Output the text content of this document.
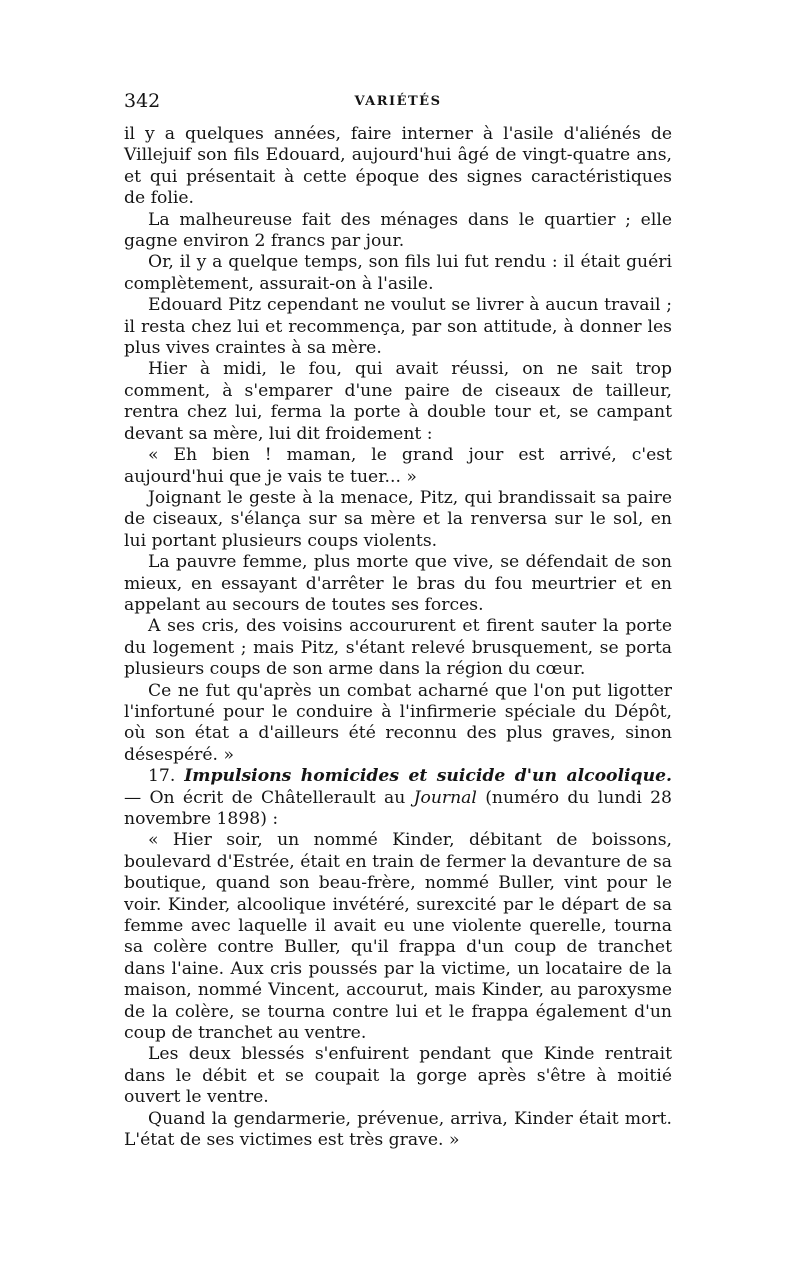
342	VARIÉTÉS

il y a quelques années, faire interner à l'asile d'aliénés de Villejuif son fils Edouard, aujourd'hui âgé de vingt-quatre ans, et qui présentait à cette époque des signes caractéristiques de folie.

La malheureuse fait des ménages dans le quartier ; elle gagne environ 2 francs par jour.

Or, il y a quelque temps, son fils lui fut rendu : il était guéri complètement, assurait-on à l'asile.

Edouard Pitz cependant ne voulut se livrer à aucun travail ; il resta chez lui et recommença, par son attitude, à donner les plus vives craintes à sa mère.

Hier à midi, le fou, qui avait réussi, on ne sait trop comment, à s'emparer d'une paire de ciseaux de tailleur, rentra chez lui, ferma la porte à double tour et, se campant devant sa mère, lui dit froidement :

« Eh bien ! maman, le grand jour est arrivé, c'est aujourd'hui que je vais te tuer... »

Joignant le geste à la menace, Pitz, qui brandissait sa paire de ciseaux, s'élança sur sa mère et la renversa sur le sol, en lui portant plusieurs coups violents.

La pauvre femme, plus morte que vive, se défendait de son mieux, en essayant d'arrêter le bras du fou meurtrier et en appelant au secours de toutes ses forces.

A ses cris, des voisins accoururent et firent sauter la porte du logement ; mais Pitz, s'étant relevé brusquement, se porta plusieurs coups de son arme dans la région du cœur.

Ce ne fut qu'après un combat acharné que l'on put ligotter l'infortuné pour le conduire à l'infirmerie spéciale du Dépôt, où son état a d'ailleurs été reconnu des plus graves, sinon désespéré. »

17. Impulsions homicides et suicide d'un alcoolique. — On écrit de Châtellerault au Journal (numéro du lundi 28 novembre 1898) :

« Hier soir, un nommé Kinder, débitant de boissons, boulevard d'Estrée, était en train de fermer la devanture de sa boutique, quand son beau-frère, nommé Buller, vint pour le voir. Kinder, alcoolique invétéré, surexcité par le départ de sa femme avec laquelle il avait eu une violente querelle, tourna sa colère contre Buller, qu'il frappa d'un coup de tranchet dans l'aine. Aux cris poussés par la victime, un locataire de la maison, nommé Vincent, accourut, mais Kinder, au paroxysme de la colère, se tourna contre lui et le frappa également d'un coup de tranchet au ventre.

Les deux blessés s'enfuirent pendant que Kinde rentrait dans le débit et se coupait la gorge après s'être à moitié ouvert le ventre.

Quand la gendarmerie, prévenue, arriva, Kinder était mort. L'état de ses victimes est très grave. »
